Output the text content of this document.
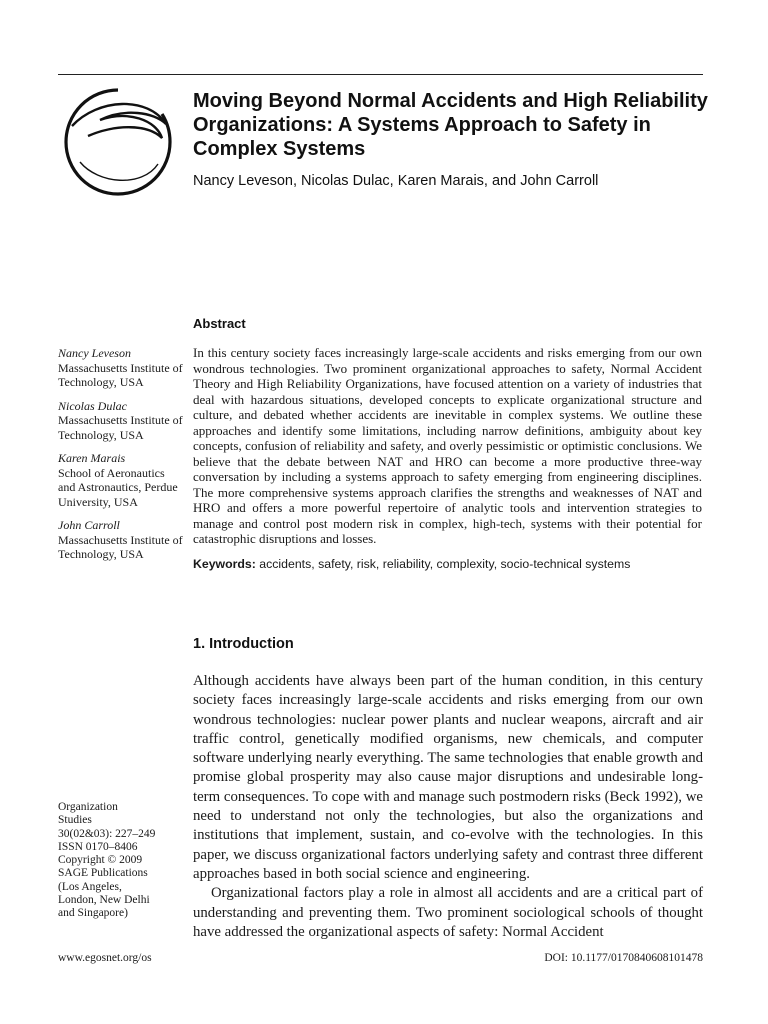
Moving Beyond Normal Accidents and High Reliability Organizations: A Systems Approach to Safety in Complex Systems
Nancy Leveson, Nicolas Dulac, Karen Marais, and John Carroll
Nancy Leveson
Massachusetts Institute of Technology, USA
Nicolas Dulac
Massachusetts Institute of Technology, USA
Karen Marais
School of Aeronautics and Astronautics, Perdue University, USA
John Carroll
Massachusetts Institute of Technology, USA
Abstract

In this century society faces increasingly large-scale accidents and risks emerging from our own wondrous technologies. Two prominent organizational approaches to safety, Normal Accident Theory and High Reliability Organizations, have focused attention on a variety of industries that deal with hazardous situations, developed concepts to explicate organizational structure and culture, and debated whether accidents are inevitable in complex systems. We outline these approaches and identify some limitations, including narrow definitions, ambiguity about key concepts, confusion of reliability and safety, and overly pessimistic or optimistic conclusions. We believe that the debate between NAT and HRO can become a more productive three-way conversation by including a systems approach to safety emerging from engineering disciplines. The more comprehensive systems approach clarifies the strengths and weaknesses of NAT and HRO and offers a more powerful repertoire of analytic tools and intervention strategies to manage and control post modern risk in complex, high-tech, systems with their potential for catastrophic disruptions and losses.

Keywords: accidents, safety, risk, reliability, complexity, socio-technical systems
1. Introduction

Although accidents have always been part of the human condition, in this century society faces increasingly large-scale accidents and risks emerging from our own wondrous technologies: nuclear power plants and nuclear weapons, aircraft and air traffic control, genetically modified organisms, new chemicals, and computer software underlying nearly everything. The same technologies that enable growth and promise global prosperity may also cause major disruptions and undesirable long-term consequences. To cope with and manage such postmodern risks (Beck 1992), we need to understand not only the technologies, but also the organizations and institutions that implement, sustain, and co-evolve with the technologies. In this paper, we discuss organizational factors underlying safety and contrast three different approaches based in both social science and engineering.

Organizational factors play a role in almost all accidents and are a critical part of understanding and preventing them. Two prominent sociological schools of thought have addressed the organizational aspects of safety: Normal Accident

Organization
Studies
30(02&03): 227–249
ISSN 0170–8406
Copyright © 2009
SAGE Publications
(Los Angeles,
London, New Delhi
and Singapore)
www.egosnet.org/os	DOI: 10.1177/0170840608101478
